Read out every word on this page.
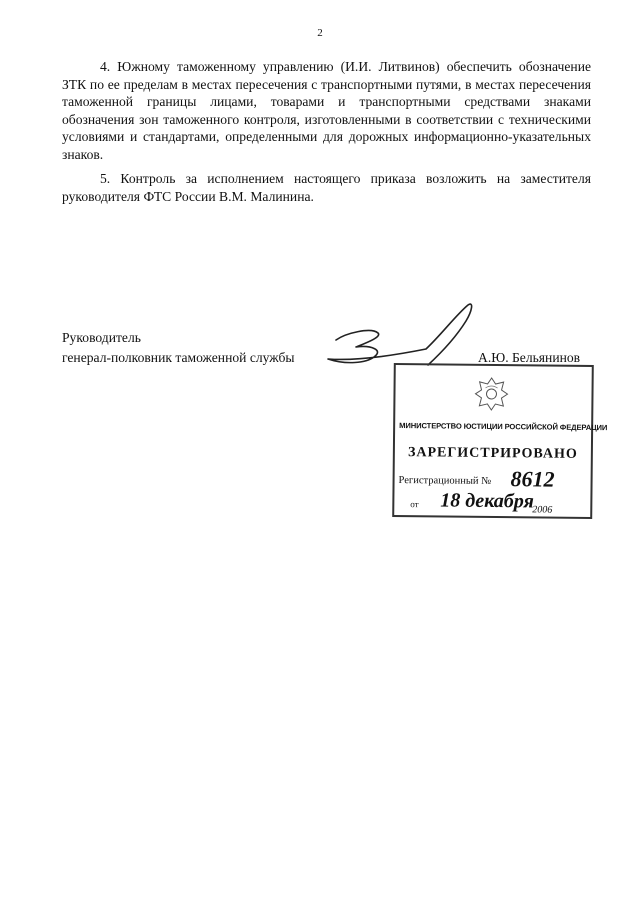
2

4. Южному таможенному управлению (И.И. Литвинов) обеспечить обозначение ЗТК по ее пределам в местах пересечения с транспортными путями, в местах пересечения таможенной границы лицами, товарами и транспортными средствами знаками обозначения зон таможенного контроля, изготовленными в соответствии с техническими условиями и стандартами, определенными для дорожных информационно-указательных знаков.

5. Контроль за исполнением настоящего приказа возложить на заместителя руководителя ФТС России В.М. Малинина.

Руководитель
генерал-полковник таможенной службы	А.Ю. Бельянинов
МИНИСТЕРСТВО ЮСТИЦИИ РОССИЙСКОЙ ФЕДЕРАЦИИ
ЗАРЕГИСТРИРОВАНО
Регистрационный № 8612
от 18 декабря
2006
